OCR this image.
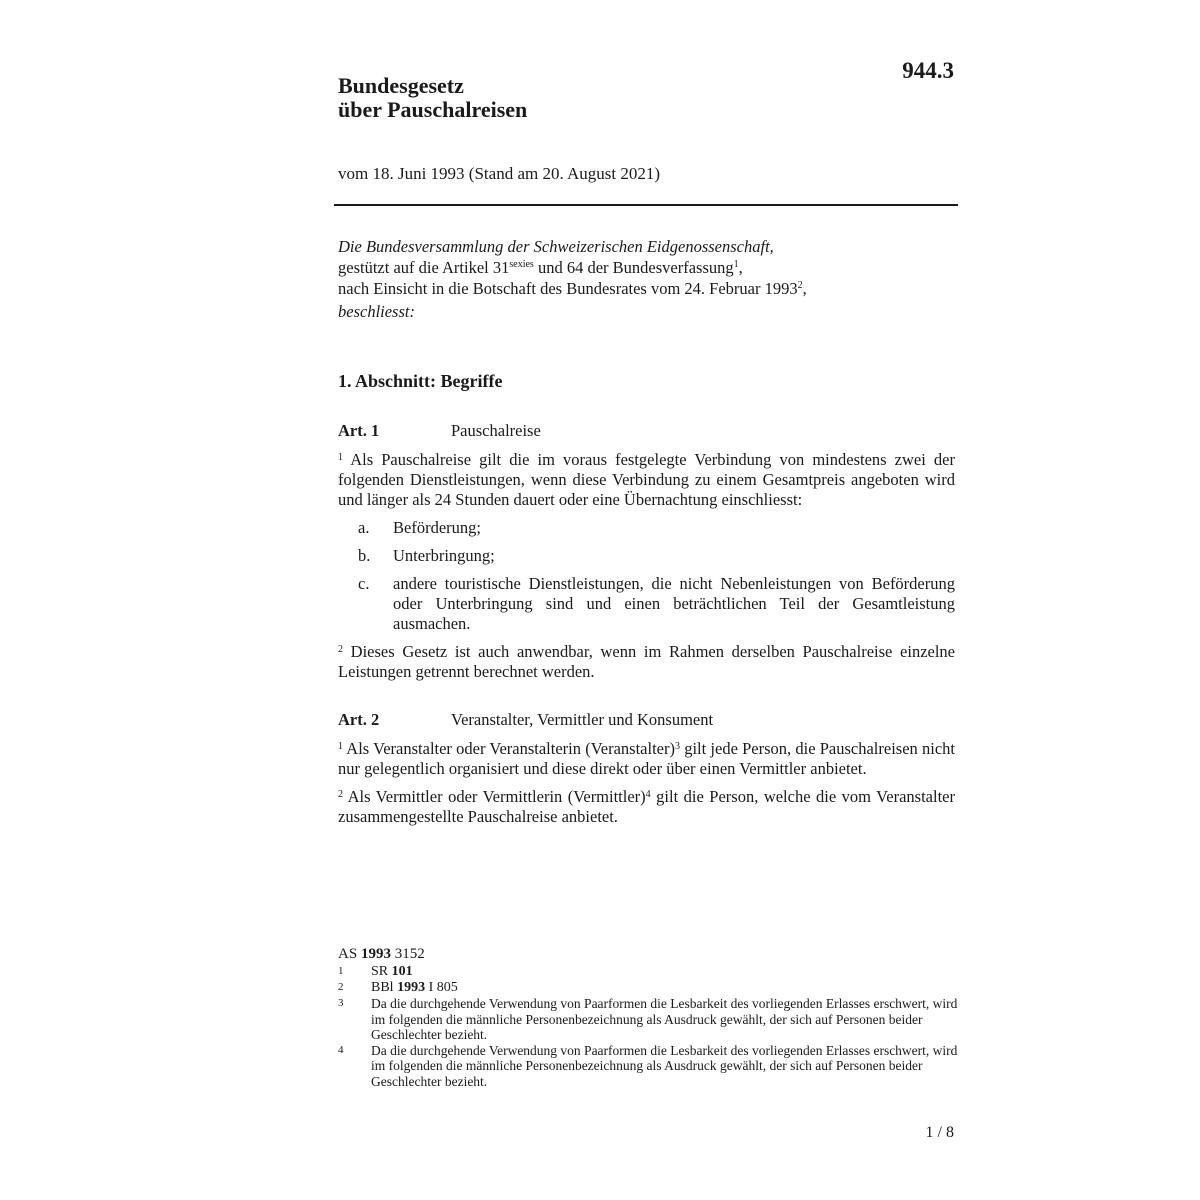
944.3
Bundesgesetz
über Pauschalreisen
vom 18. Juni 1993 (Stand am 20. August 2021)
Die Bundesversammlung der Schweizerischen Eidgenossenschaft,
gestützt auf die Artikel $31^{sexies}$ und 64 der Bundesverfassung$^1$,
nach Einsicht in die Botschaft des Bundesrates vom 24. Februar 1993$^2$,
beschliesst:
1. Abschnitt: Begriffe
Art. 1	Pauschalreise

$^1$ Als Pauschalreise gilt die im voraus festgelegte Verbindung von mindestens zwei der folgenden Dienstleistungen, wenn diese Verbindung zu einem Gesamtpreis angeboten wird und länger als 24 Stunden dauert oder eine Übernachtung einschliesst:

a.	Beförderung;
b.	Unterbringung;
c.	andere touristische Dienstleistungen, die nicht Nebenleistungen von Beförderung oder Unterbringung sind und einen beträchtlichen Teil der Gesamtleistung ausmachen.

$^2$ Dieses Gesetz ist auch anwendbar, wenn im Rahmen derselben Pauschalreise einzelne Leistungen getrennt berechnet werden.

Art. 2	Veranstalter, Vermittler und Konsument

$^1$ Als Veranstalter oder Veranstalterin (Veranstalter)$^3$ gilt jede Person, die Pauschalreisen nicht nur gelegentlich organisiert und diese direkt oder über einen Vermittler anbietet.

$^2$ Als Vermittler oder Vermittlerin (Vermittler)$^4$ gilt die Person, welche die vom Veranstalter zusammengestellte Pauschalreise anbietet.

AS 1993 3152
1	SR 101
2	BBl 1993 I 805
3	Da die durchgehende Verwendung von Paarformen die Lesbarkeit des vorliegenden Erlasses erschwert, wird im folgenden die männliche Personenbezeichnung als Ausdruck gewählt, der sich auf Personen beider Geschlechter bezieht.
4	Da die durchgehende Verwendung von Paarformen die Lesbarkeit des vorliegenden Erlasses erschwert, wird im folgenden die männliche Personenbezeichnung als Ausdruck gewählt, der sich auf Personen beider Geschlechter bezieht.
1 / 8
